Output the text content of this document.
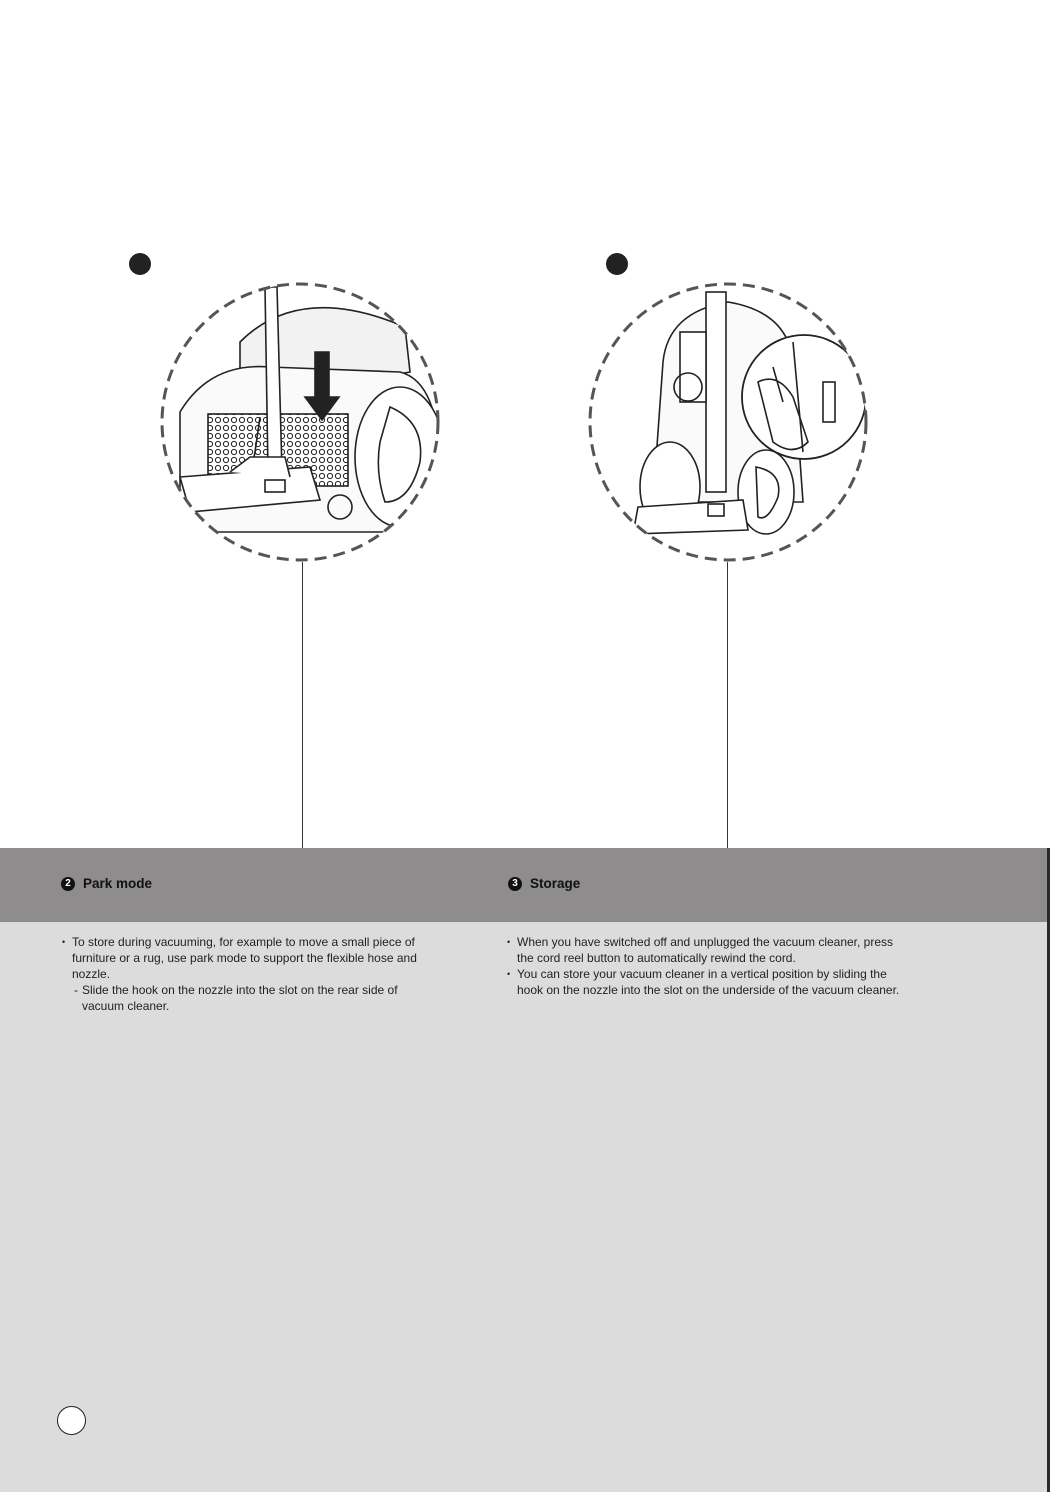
2 Park mode	3 Storage

• To store during vacuuming, for example to move a small piece of furniture or a rug, use park mode to support the flexible hose and nozzle.

- Slide the hook on the nozzle into the slot on the rear side of vacuum cleaner.

• When you have switched off and unplugged the vacuum cleaner, press the cord reel button to automatically rewind the cord.

• You can store your vacuum cleaner in a vertical position by sliding the hook on the nozzle into the slot on the underside of the vacuum cleaner.
